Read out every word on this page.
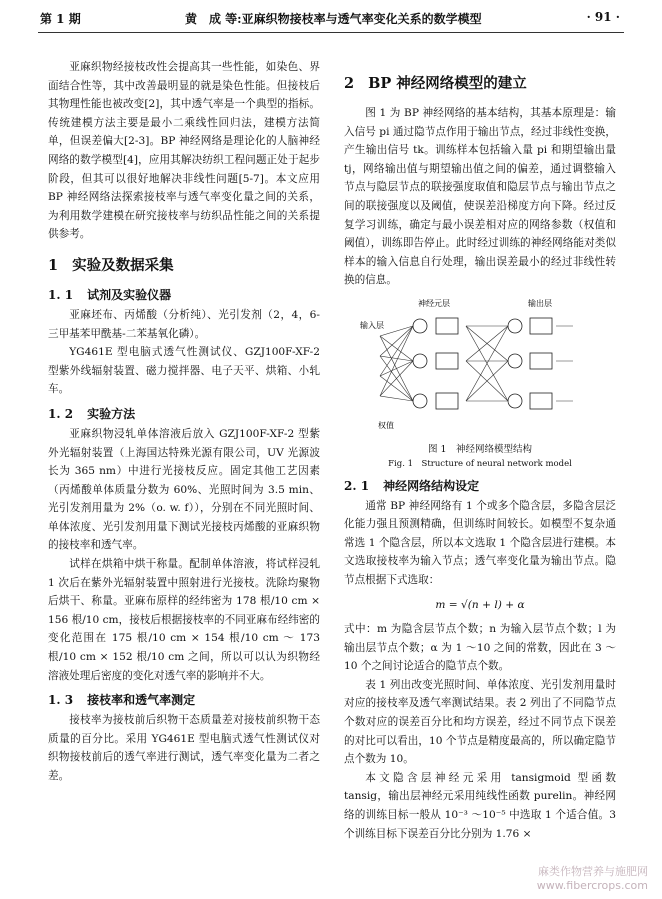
第 1 期	黄　成 等:亚麻织物接枝率与透气率变化关系的数学模型	· 91 ·

亚麻织物经接枝改性会提高其一些性能，如染色、界面结合性等，其中改善最明显的就是染色性能。但接枝后其物理性能也被改变[2]，其中透气率是一个典型的指标。传统建模方法主要是最小二乘线性回归法，建模方法简单，但误差偏大[2-3]。BP 神经网络是理论化的人脑神经网络的数学模型[4]，应用其解决纺织工程问题正处于起步阶段，但其可以很好地解决非线性问题[5-7]。本文应用 BP 神经网络法探索接枝率与透气率变化量之间的关系，为利用数学建模在研究接枝率与纺织品性能之间的关系提供参考。

1 实验及数据采集
1. 1 试剂及实验仪器

亚麻坯布、丙烯酸（分析纯）、光引发剂（2，4，6-三甲基苯甲酰基-二苯基氧化磷）。

YG461E 型电脑式透气性测试仪、GZJ100F-XF-2 型紫外线辐射装置、磁力搅拌器、电子天平、烘箱、小轧车。

1. 2 实验方法

亚麻织物浸轧单体溶液后放入 GZJ100F-XF-2 型紫外光辐射装置（上海国达特殊光源有限公司，UV 光源波长为 365 nm）中进行光接枝反应。固定其他工艺因素（丙烯酸单体质量分数为 60%、光照时间为 3.5 min、光引发剂用量为 2%（o. w. f）），分别在不同光照时间、单体浓度、光引发剂用量下测试光接枝丙烯酸的亚麻织物的接枝率和透气率。

试样在烘箱中烘干称量。配制单体溶液，将试样浸轧 1 次后在紫外光辐射装置中照射进行光接枝。洗除均聚物后烘干、称量。亚麻布原样的经纬密为 178 根/10 cm × 156 根/10 cm，接枝后根据接枝率的不同亚麻布经纬密的变化范围在 175 根/10 cm × 154 根/10 cm ～ 173 根/10 cm × 152 根/10 cm 之间，所以可以认为织物经溶液处理后密度的变化对透气率的影响并不大。

1. 3 接枝率和透气率测定

接枝率为接枝前后织物干态质量差对接枝前织物干态质量的百分比。采用 YG461E 型电脑式透气性测试仪对织物接枝前后的透气率进行测试，透气率变化量为二者之差。

2 BP 神经网络模型的建立

图 1 为 BP 神经网络的基本结构，其基本原理是：输入信号 pi 通过隐节点作用于输出节点，经过非线性变换，产生输出信号 tk。训练样本包括输入量 pi 和期望输出量 tj，网络输出值与期望输出值之间的偏差，通过调整输入节点与隐层节点的联接强度取值和隐层节点与输出节点之间的联接强度以及阈值，使误差沿梯度方向下降。经过反复学习训练，确定与最小误差相对应的网络参数（权值和阈值），训练即告停止。此时经过训练的神经网络能对类似样本的输入信息自行处理，输出误差最小的经过非线性转换的信息。

神经元层	输出层
输入层
权值
图 1　神经网络模型结构
Fig. 1　Structure of neural network model
2. 1 神经网络结构设定

通常 BP 神经网络有 1 个或多个隐含层，多隐含层泛化能力强且预测精确，但训练时间较长。如模型不复杂通常选 1 个隐含层，所以本文选取 1 个隐含层进行建模。本文选取接枝率为输入节点；透气率变化量为输出节点。隐节点根据下式选取：

m = √(n + l) + α

式中：m 为隐含层节点个数；n 为输入层节点个数；l 为输出层节点个数；α 为 1 ～10 之间的常数，因此在 3 ～10 个之间讨论适合的隐节点个数。

表 1 列出改变光照时间、单体浓度、光引发剂用量时对应的接枝率及透气率测试结果。表 2 列出了不同隐节点个数对应的误差百分比和均方误差，经过不同节点下误差的对比可以看出，10 个节点是精度最高的，所以确定隐节点个数为 10。

本文隐含层神经元采用 tansigmoid 型函数 tansig，输出层神经元采用纯线性函数 purelin。神经网络的训练目标一般从 10⁻³ ～10⁻⁵ 中选取 1 个适合值。3 个训练目标下误差百分比分别为 1.76 ×

麻类作物营养与施肥网
www.fibercrops.com
